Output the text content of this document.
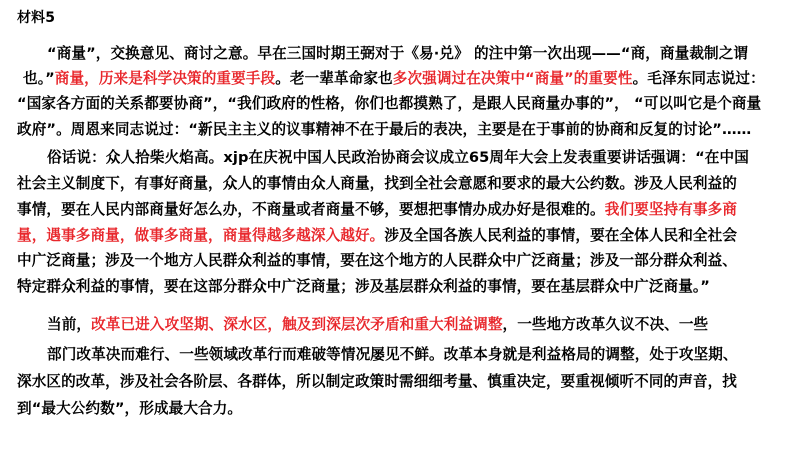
材料5
“商量”，交换意见、商讨之意。早在三国时期王弼对于《易·兑》 的注中第一次出现——“商，商量裁制之谓
也。”商量，历来是科学决策的重要手段。老一辈革命家也多次强调过在决策中“商量”的重要性。毛泽东同志说过：
“国家各方面的关系都要协商”，“我们政府的性格，你们也都摸熟了，是跟人民商量办事的”， “可以叫它是个商量
政府”。周恩来同志说过：“新民主主义的议事精神不在于最后的表决，主要是在于事前的协商和反复的讨论”……
俗话说：众人拾柴火焰高。xjp在庆祝中国人民政治协商会议成立65周年大会上发表重要讲话强调：“在中国
社会主义制度下，有事好商量，众人的事情由众人商量，找到全社会意愿和要求的最大公约数。涉及人民利益的
事情，要在人民内部商量好怎么办，不商量或者商量不够，要想把事情办成办好是很难的。我们要坚持有事多商
量，遇事多商量，做事多商量，商量得越多越深入越好。涉及全国各族人民利益的事情，要在全体人民和全社会
中广泛商量；涉及一个地方人民群众利益的事情，要在这个地方的人民群众中广泛商量；涉及一部分群众利益、
特定群众利益的事情，要在这部分群众中广泛商量；涉及基层群众利益的事情，要在基层群众中广泛商量。”
当前，改革已进入攻坚期、深水区，触及到深层次矛盾和重大利益调整，一些地方改革久议不决、一些
部门改革决而难行、一些领域改革行而难破等情况屡见不鲜。改革本身就是利益格局的调整，处于攻坚期、
深水区的改革，涉及社会各阶层、各群体，所以制定政策时需细细考量、慎重决定，要重视倾听不同的声音，找
到“最大公约数”，形成最大合力。
